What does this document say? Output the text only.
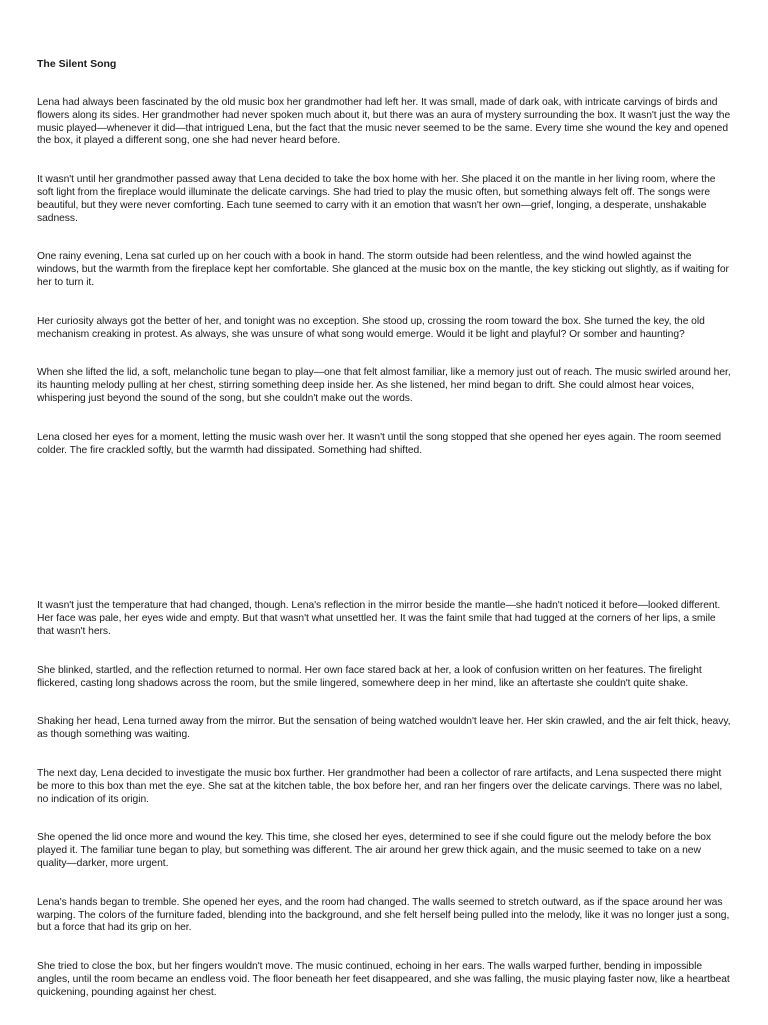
The Silent Song

Lena had always been fascinated by the old music box her grandmother had left her. It was small, made of dark oak, with intricate carvings of birds and flowers along its sides. Her grandmother had never spoken much about it, but there was an aura of mystery surrounding the box. It wasn't just the way the music played—whenever it did—that intrigued Lena, but the fact that the music never seemed to be the same. Every time she wound the key and opened the box, it played a different song, one she had never heard before.

It wasn't until her grandmother passed away that Lena decided to take the box home with her. She placed it on the mantle in her living room, where the soft light from the fireplace would illuminate the delicate carvings. She had tried to play the music often, but something always felt off. The songs were beautiful, but they were never comforting. Each tune seemed to carry with it an emotion that wasn't her own—grief, longing, a desperate, unshakable sadness.

One rainy evening, Lena sat curled up on her couch with a book in hand. The storm outside had been relentless, and the wind howled against the windows, but the warmth from the fireplace kept her comfortable. She glanced at the music box on the mantle, the key sticking out slightly, as if waiting for her to turn it.

Her curiosity always got the better of her, and tonight was no exception. She stood up, crossing the room toward the box. She turned the key, the old mechanism creaking in protest. As always, she was unsure of what song would emerge. Would it be light and playful? Or somber and haunting?

When she lifted the lid, a soft, melancholic tune began to play—one that felt almost familiar, like a memory just out of reach. The music swirled around her, its haunting melody pulling at her chest, stirring something deep inside her. As she listened, her mind began to drift. She could almost hear voices, whispering just beyond the sound of the song, but she couldn't make out the words.

Lena closed her eyes for a moment, letting the music wash over her. It wasn't until the song stopped that she opened her eyes again. The room seemed colder. The fire crackled softly, but the warmth had dissipated. Something had shifted.

It wasn't just the temperature that had changed, though. Lena's reflection in the mirror beside the mantle—she hadn't noticed it before—looked different. Her face was pale, her eyes wide and empty. But that wasn't what unsettled her. It was the faint smile that had tugged at the corners of her lips, a smile that wasn't hers.

She blinked, startled, and the reflection returned to normal. Her own face stared back at her, a look of confusion written on her features. The firelight flickered, casting long shadows across the room, but the smile lingered, somewhere deep in her mind, like an aftertaste she couldn't quite shake.

Shaking her head, Lena turned away from the mirror. But the sensation of being watched wouldn't leave her. Her skin crawled, and the air felt thick, heavy, as though something was waiting.

The next day, Lena decided to investigate the music box further. Her grandmother had been a collector of rare artifacts, and Lena suspected there might be more to this box than met the eye. She sat at the kitchen table, the box before her, and ran her fingers over the delicate carvings. There was no label, no indication of its origin.

She opened the lid once more and wound the key. This time, she closed her eyes, determined to see if she could figure out the melody before the box played it. The familiar tune began to play, but something was different. The air around her grew thick again, and the music seemed to take on a new quality—darker, more urgent.

Lena's hands began to tremble. She opened her eyes, and the room had changed. The walls seemed to stretch outward, as if the space around her was warping. The colors of the furniture faded, blending into the background, and she felt herself being pulled into the melody, like it was no longer just a song, but a force that had its grip on her.

She tried to close the box, but her fingers wouldn't move. The music continued, echoing in her ears. The walls warped further, bending in impossible angles, until the room became an endless void. The floor beneath her feet disappeared, and she was falling, the music playing faster now, like a heartbeat quickening, pounding against her chest.
